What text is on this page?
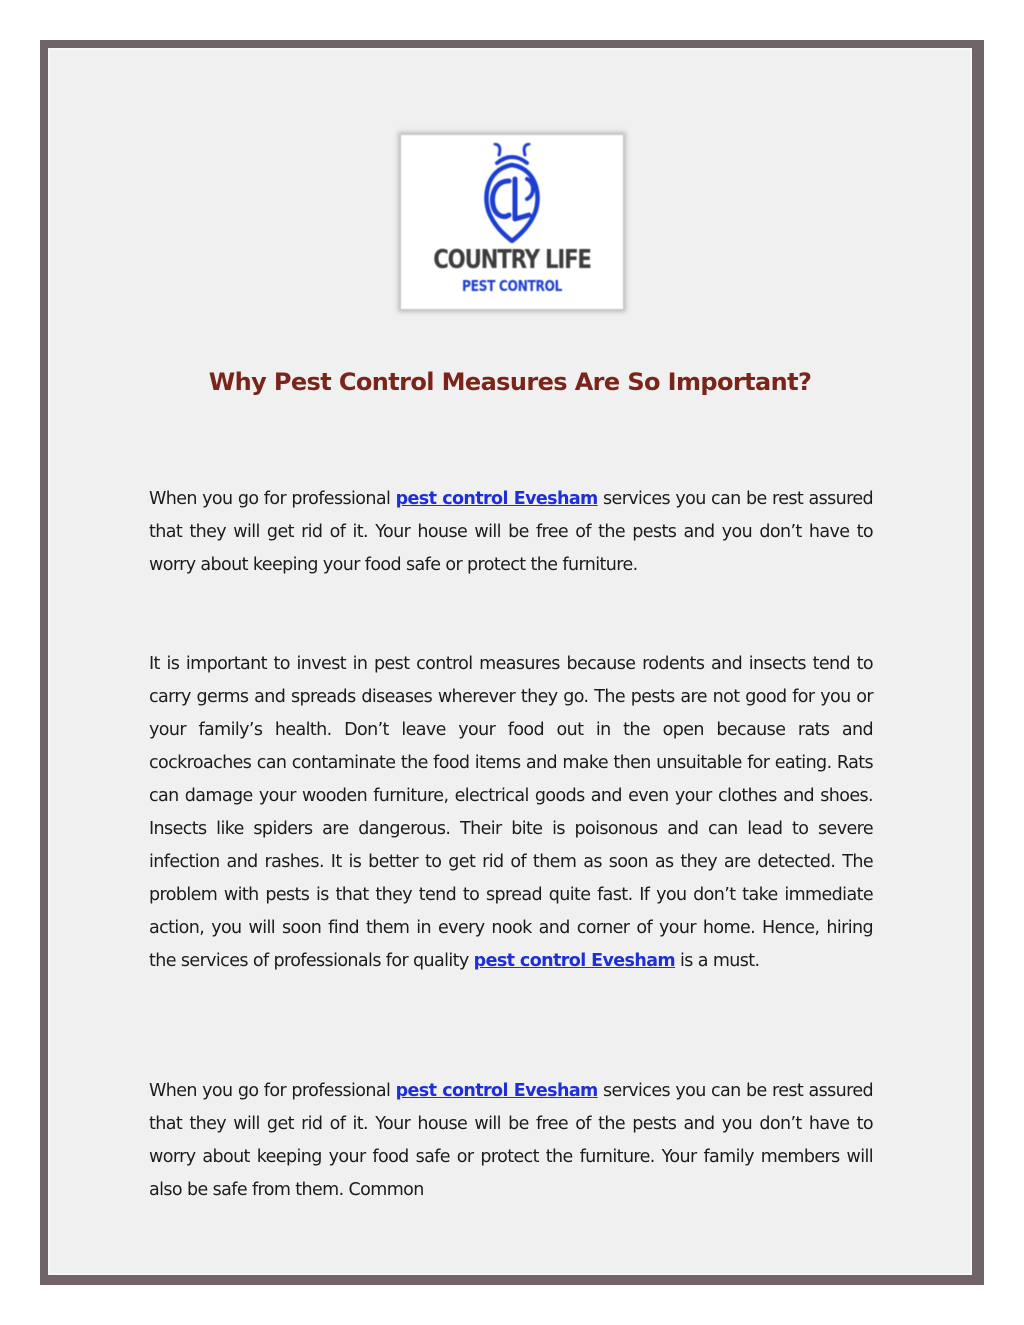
COUNTRY LIFE
PEST CONTROL
Why Pest Control Measures Are So Important?

When you go for professional pest control Evesham services you can be rest assured that they will get rid of it. Your house will be free of the pests and you don’t have to worry about keeping your food safe or protect the furniture.

It is important to invest in pest control measures because rodents and insects tend to carry germs and spreads diseases wherever they go. The pests are not good for you or your family’s health. Don’t leave your food out in the open because rats and cockroaches can contaminate the food items and make then unsuitable for eating. Rats can damage your wooden furniture, electrical goods and even your clothes and shoes. Insects like spiders are dangerous. Their bite is poisonous and can lead to severe infection and rashes. It is better to get rid of them as soon as they are detected. The problem with pests is that they tend to spread quite fast. If you don’t take immediate action, you will soon find them in every nook and corner of your home. Hence, hiring the services of professionals for quality pest control Evesham is a must.

When you go for professional pest control Evesham services you can be rest assured that they will get rid of it. Your house will be free of the pests and you don’t have to worry about keeping your food safe or protect the furniture. Your family members will also be safe from them. Common
